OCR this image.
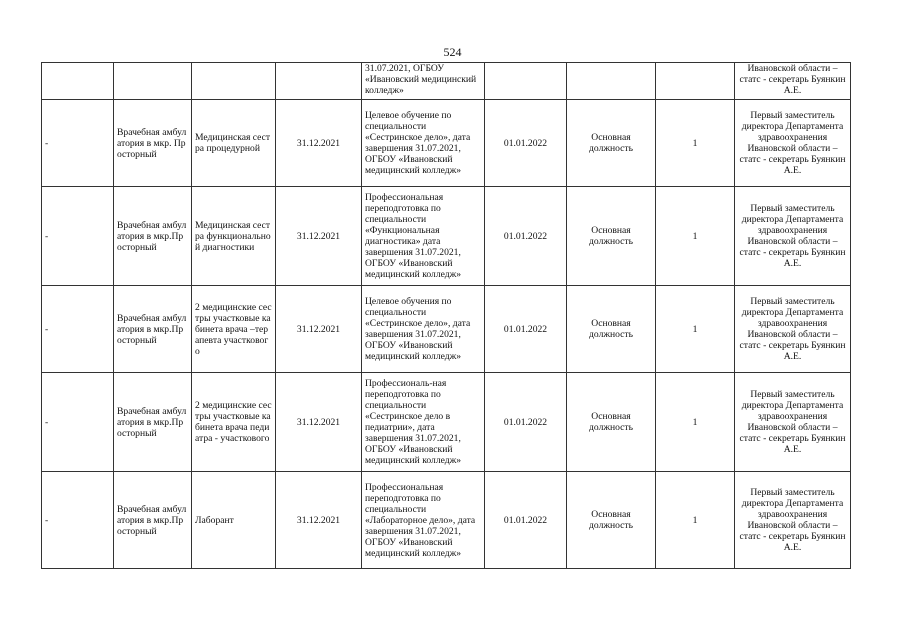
524
				31.07.2021, ОГБОУ «Ивановский медицинский колледж»				Ивановской области – статс - секретарь Буянкин А.Е.
-	Врачебная амбулатория в мкр. Просторный	Медицинская сестра процедурной	31.12.2021	Целевое обучение по специальности «Сестринское дело», дата завершения 31.07.2021, ОГБОУ «Ивановский медицинский колледж»	01.01.2022	Основная должность	1	Первый заместитель директора Департамента здравоохранения Ивановской области – статс - секретарь Буянкин А.Е.
-	Врачебная амбулатория в мкр.Просторный	Медицинская сестра функциональной диагностики	31.12.2021	Профессиональная переподготовка по специальности «Функциональная диагностика» дата завершения 31.07.2021, ОГБОУ «Ивановский медицинский колледж»	01.01.2022	Основная должность	1	Первый заместитель директора Департамента здравоохранения Ивановской области – статс - секретарь Буянкин А.Е.
-	Врачебная амбулатория в мкр.Просторный	2 медицинские сестры участковые кабинета врача –терапевта участкового	31.12.2021	Целевое обучения по специальности «Сестринское дело», дата завершения 31.07.2021, ОГБОУ «Ивановский медицинский колледж»	01.01.2022	Основная должность	1	Первый заместитель директора Департамента здравоохранения Ивановской области – статс - секретарь Буянкин А.Е.
-	Врачебная амбулатория в мкр.Просторный	2 медицинские сестры участковые кабинета врача педиатра - участкового	31.12.2021	Профессиональ-ная переподготовка по специальности «Сестринское дело в педиатрии», дата завершения 31.07.2021, ОГБОУ «Ивановский медицинский колледж»	01.01.2022	Основная должность	1	Первый заместитель директора Департамента здравоохранения Ивановской области – статс - секретарь Буянкин А.Е.
-	Врачебная амбулатория в мкр.Просторный	Лаборант	31.12.2021	Профессиональная переподготовка по специальности «Лабораторное дело», дата завершения 31.07.2021, ОГБОУ «Ивановский медицинский колледж»	01.01.2022	Основная должность	1	Первый заместитель директора Департамента здравоохранения Ивановской области – статс - секретарь Буянкин А.Е.
